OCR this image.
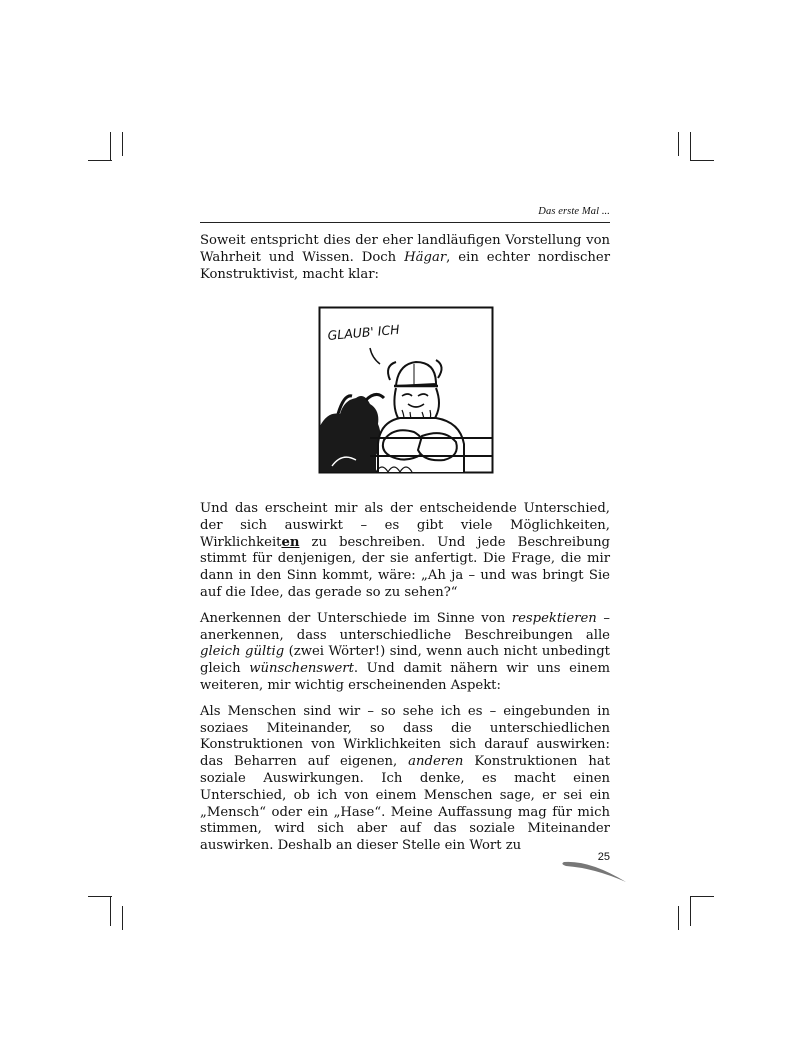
Das erste Mal ...

Soweit entspricht dies der eher landläufigen Vorstellung von Wahrheit und Wissen. Doch Hägar, ein echter nordischer Konstruktivist, macht klar:

GLAUB' ICH

Und das erscheint mir als der entscheidende Unterschied, der sich auswirkt – es gibt viele Möglichkeiten, Wirklichkeiten zu beschreiben. Und jede Beschreibung stimmt für denjenigen, der sie anfertigt. Die Frage, die mir dann in den Sinn kommt, wäre: „Ah ja – und was bringt Sie auf die Idee, das gerade so zu sehen?“

Anerkennen der Unterschiede im Sinne von respektieren – anerkennen, dass unterschiedliche Beschreibungen alle gleich gültig (zwei Wörter!) sind, wenn auch nicht unbedingt gleich wünschenswert. Und damit nähern wir uns einem weiteren, mir wichtig erscheinenden Aspekt:

Als Menschen sind wir – so sehe ich es – eingebunden in soziaes Miteinander, so dass die unterschiedlichen Konstruktionen von Wirklichkeiten sich darauf auswirken: das Beharren auf eigenen, anderen Konstruktionen hat soziale Auswirkungen. Ich denke, es macht einen Unterschied, ob ich von einem Menschen sage, er sei ein „Mensch“ oder ein „Hase“. Meine Auffassung mag für mich stimmen, wird sich aber auf das soziale Miteinander auswirken. Deshalb an dieser Stelle ein Wort zu

25
